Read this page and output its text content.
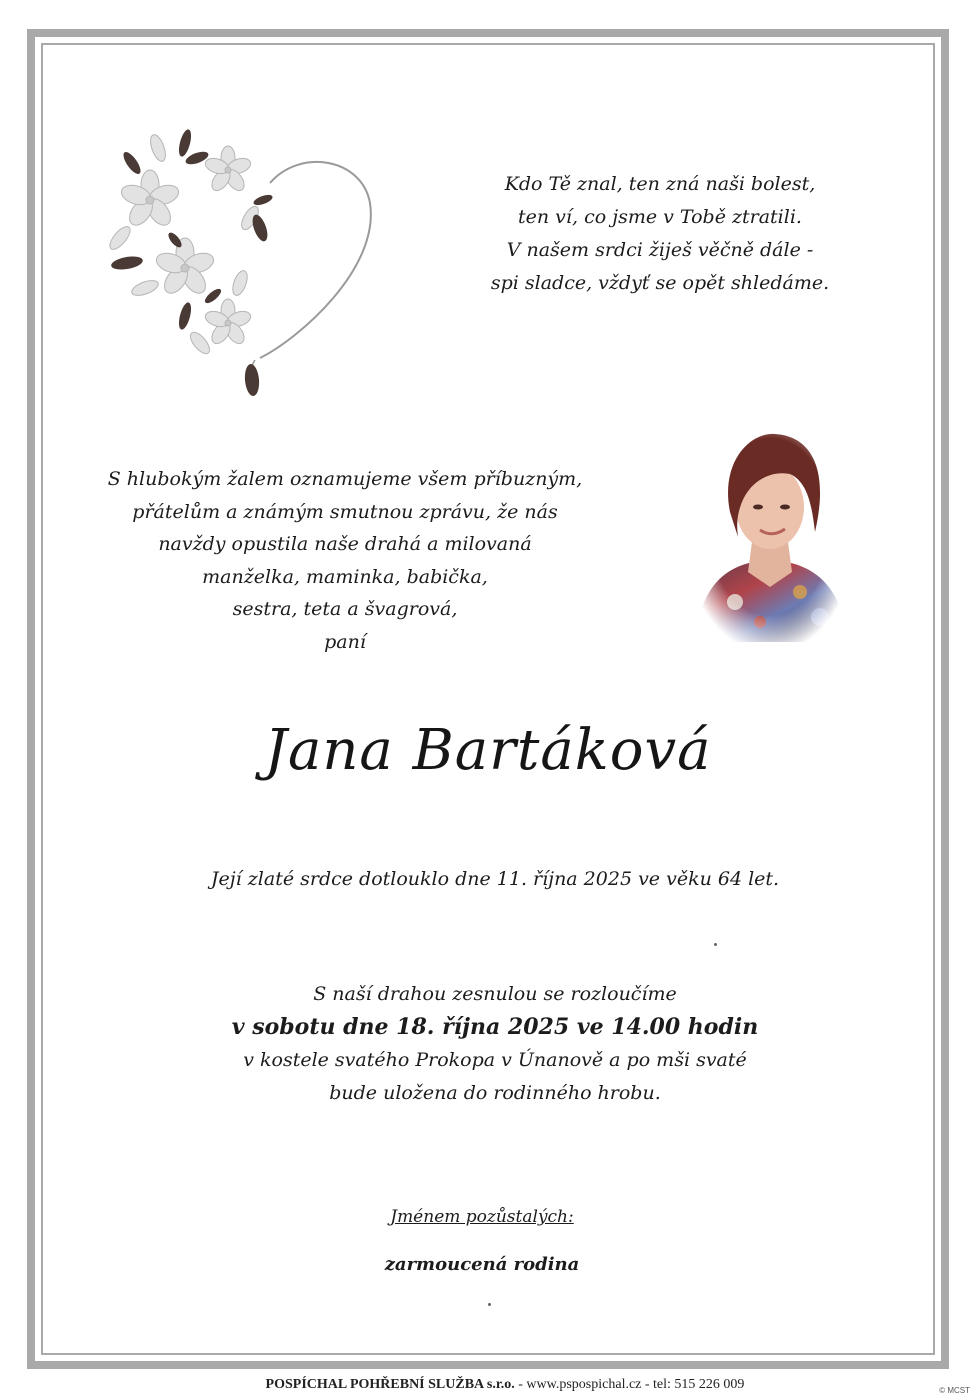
Kdo Tě znal, ten zná naši bolest,
ten ví, co jsme v Tobě ztratili.
V našem srdci žiješ věčně dále -
spi sladce, vždyť se opět shledáme.
S hlubokým žalem oznamujeme všem příbuzným,
přátelům a známým smutnou zprávu, že nás
navždy opustila naše drahá a milovaná
manželka, maminka, babička,
sestra, teta a švagrová,
paní
Jana Bartáková
Její zlaté srdce dotlouklo dne 11. října 2025 ve věku 64 let.
S naší drahou zesnulou se rozloučíme
v sobotu dne 18. října 2025 ve 14.00 hodin
v kostele svatého Prokopa v Únanově a po mši svaté
bude uložena do rodinného hrobu.
Jménem pozůstalých:
zarmoucená rodina
POSPÍCHAL POHŘEBNÍ SLUŽBA s.r.o. - www.pspospichal.cz - tel: 515 226 009	© MCST
